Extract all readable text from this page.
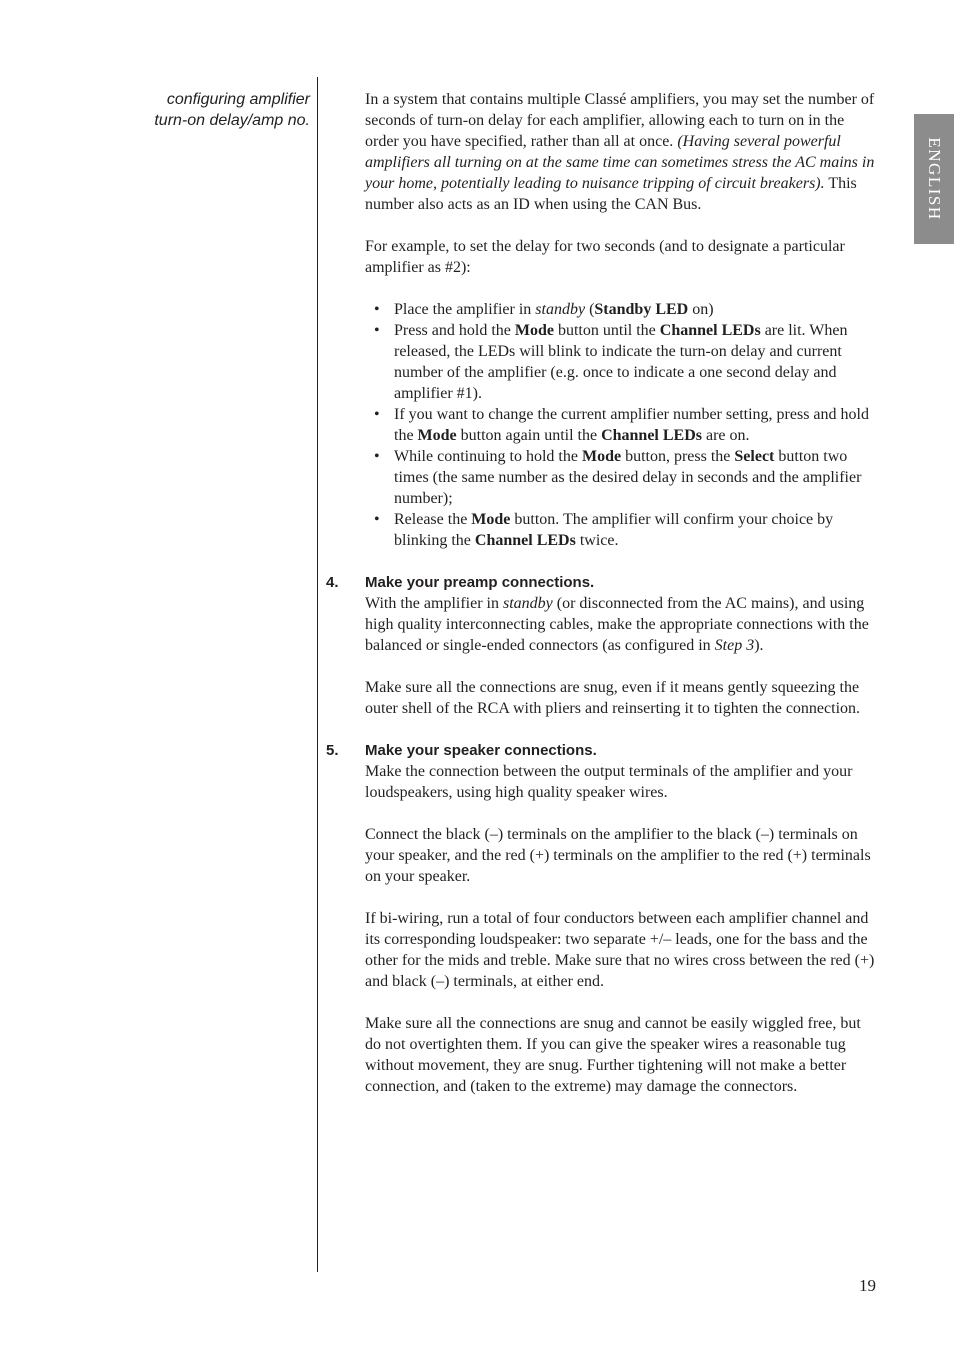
configuring amplifier
turn-on delay/amp no.
ENGLISH

In a system that contains multiple Classé amplifiers, you may set the number of seconds of turn-on delay for each amplifier, allowing each to turn on in the order you have specified, rather than all at once. (Having several powerful amplifiers all turning on at the same time can sometimes stress the AC mains in your home, potentially leading to nuisance tripping of circuit breakers). This number also acts as an ID when using the CAN Bus.

For example, to set the delay for two seconds (and to designate a particular amplifier as #2):

• Place the amplifier in standby (Standby LED on)
• Press and hold the Mode button until the Channel LEDs are lit. When released, the LEDs will blink to indicate the turn-on delay and current number of the amplifier (e.g. once to indicate a one second delay and amplifier #1).
• If you want to change the current amplifier number setting, press and hold the Mode button again until the Channel LEDs are on.
• While continuing to hold the Mode button, press the Select button two times (the same number as the desired delay in seconds and the amplifier number);
• Release the Mode button. The amplifier will confirm your choice by blinking the Channel LEDs twice.
4. Make your preamp connections.

With the amplifier in standby (or disconnected from the AC mains), and using high quality interconnecting cables, make the appropriate connections with the balanced or single-ended connectors (as configured in Step 3).

Make sure all the connections are snug, even if it means gently squeezing the outer shell of the RCA with pliers and reinserting it to tighten the connection.

5. Make your speaker connections.

Make the connection between the output terminals of the amplifier and your loudspeakers, using high quality speaker wires.

Connect the black (–) terminals on the amplifier to the black (–) terminals on your speaker, and the red (+) terminals on the amplifier to the red (+) terminals on your speaker.

If bi-wiring, run a total of four conductors between each amplifier channel and its corresponding loudspeaker: two separate +/– leads, one for the bass and the other for the mids and treble. Make sure that no wires cross between the red (+) and black (–) terminals, at either end.

Make sure all the connections are snug and cannot be easily wiggled free, but do not overtighten them. If you can give the speaker wires a reasonable tug without movement, they are snug. Further tightening will not make a better connection, and (taken to the extreme) may damage the connectors.

19
